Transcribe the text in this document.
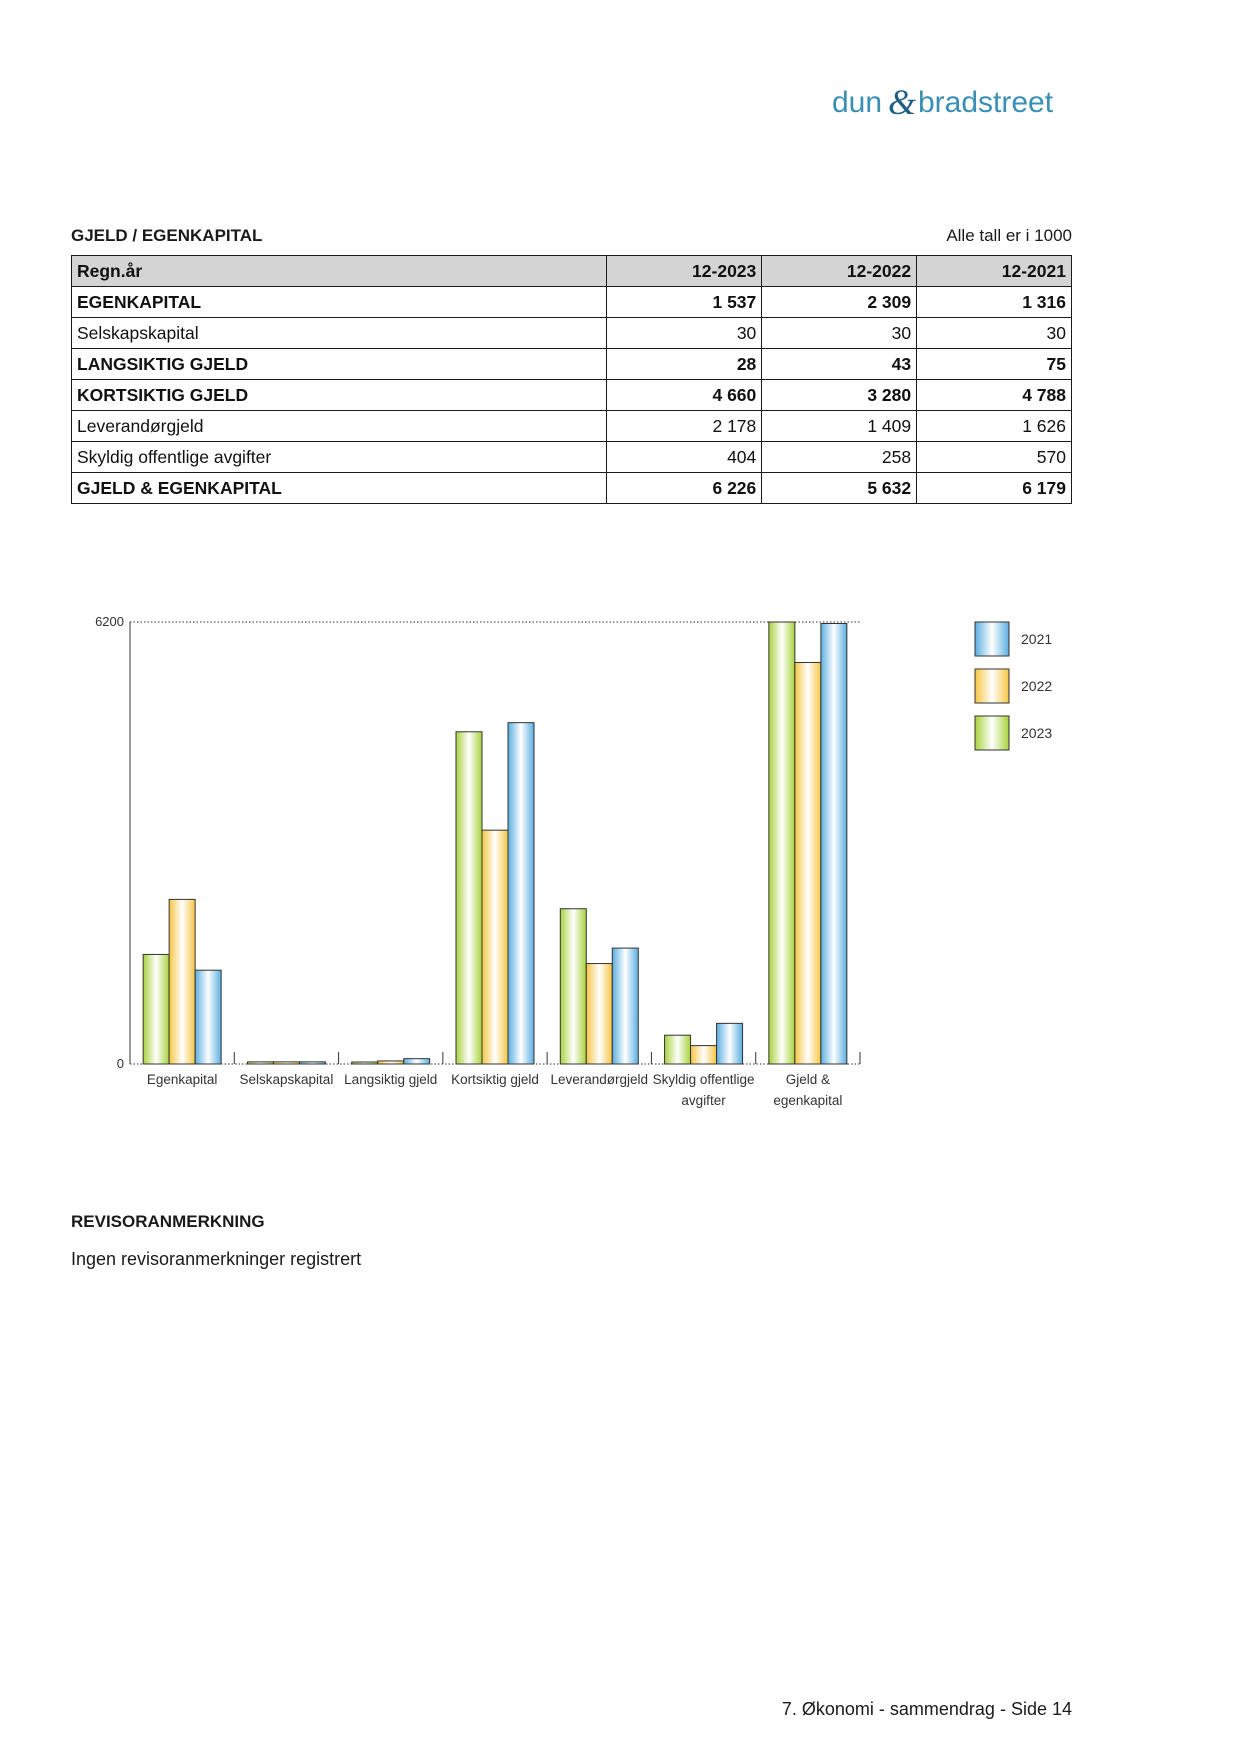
dun & bradstreet
GJELD / EGENKAPITAL	Alle tall er i 1000
Regn.år	12-2023	12-2022	12-2021
EGENKAPITAL	1 537	2 309	1 316
Selskapskapital	30	30	30
LANGSIKTIG GJELD	28	43	75
KORTSIKTIG GJELD	4 660	3 280	4 788
Leverandørgjeld	2 178	1 409	1 626
Skyldig offentlige avgifter	404	258	570
GJELD & EGENKAPITAL	6 226	5 632	6 179
0
6200
Egenkapital Selskapskapital Langsiktig gjeld Kortsiktig gjeld Leverandørgjeld Skyldig offentlige
avgifter
Gjeld &
egenkapital
2021
2022
2023
REVISORANMERKNING
Ingen revisoranmerkninger registrert
7. Økonomi - sammendrag - Side 14
